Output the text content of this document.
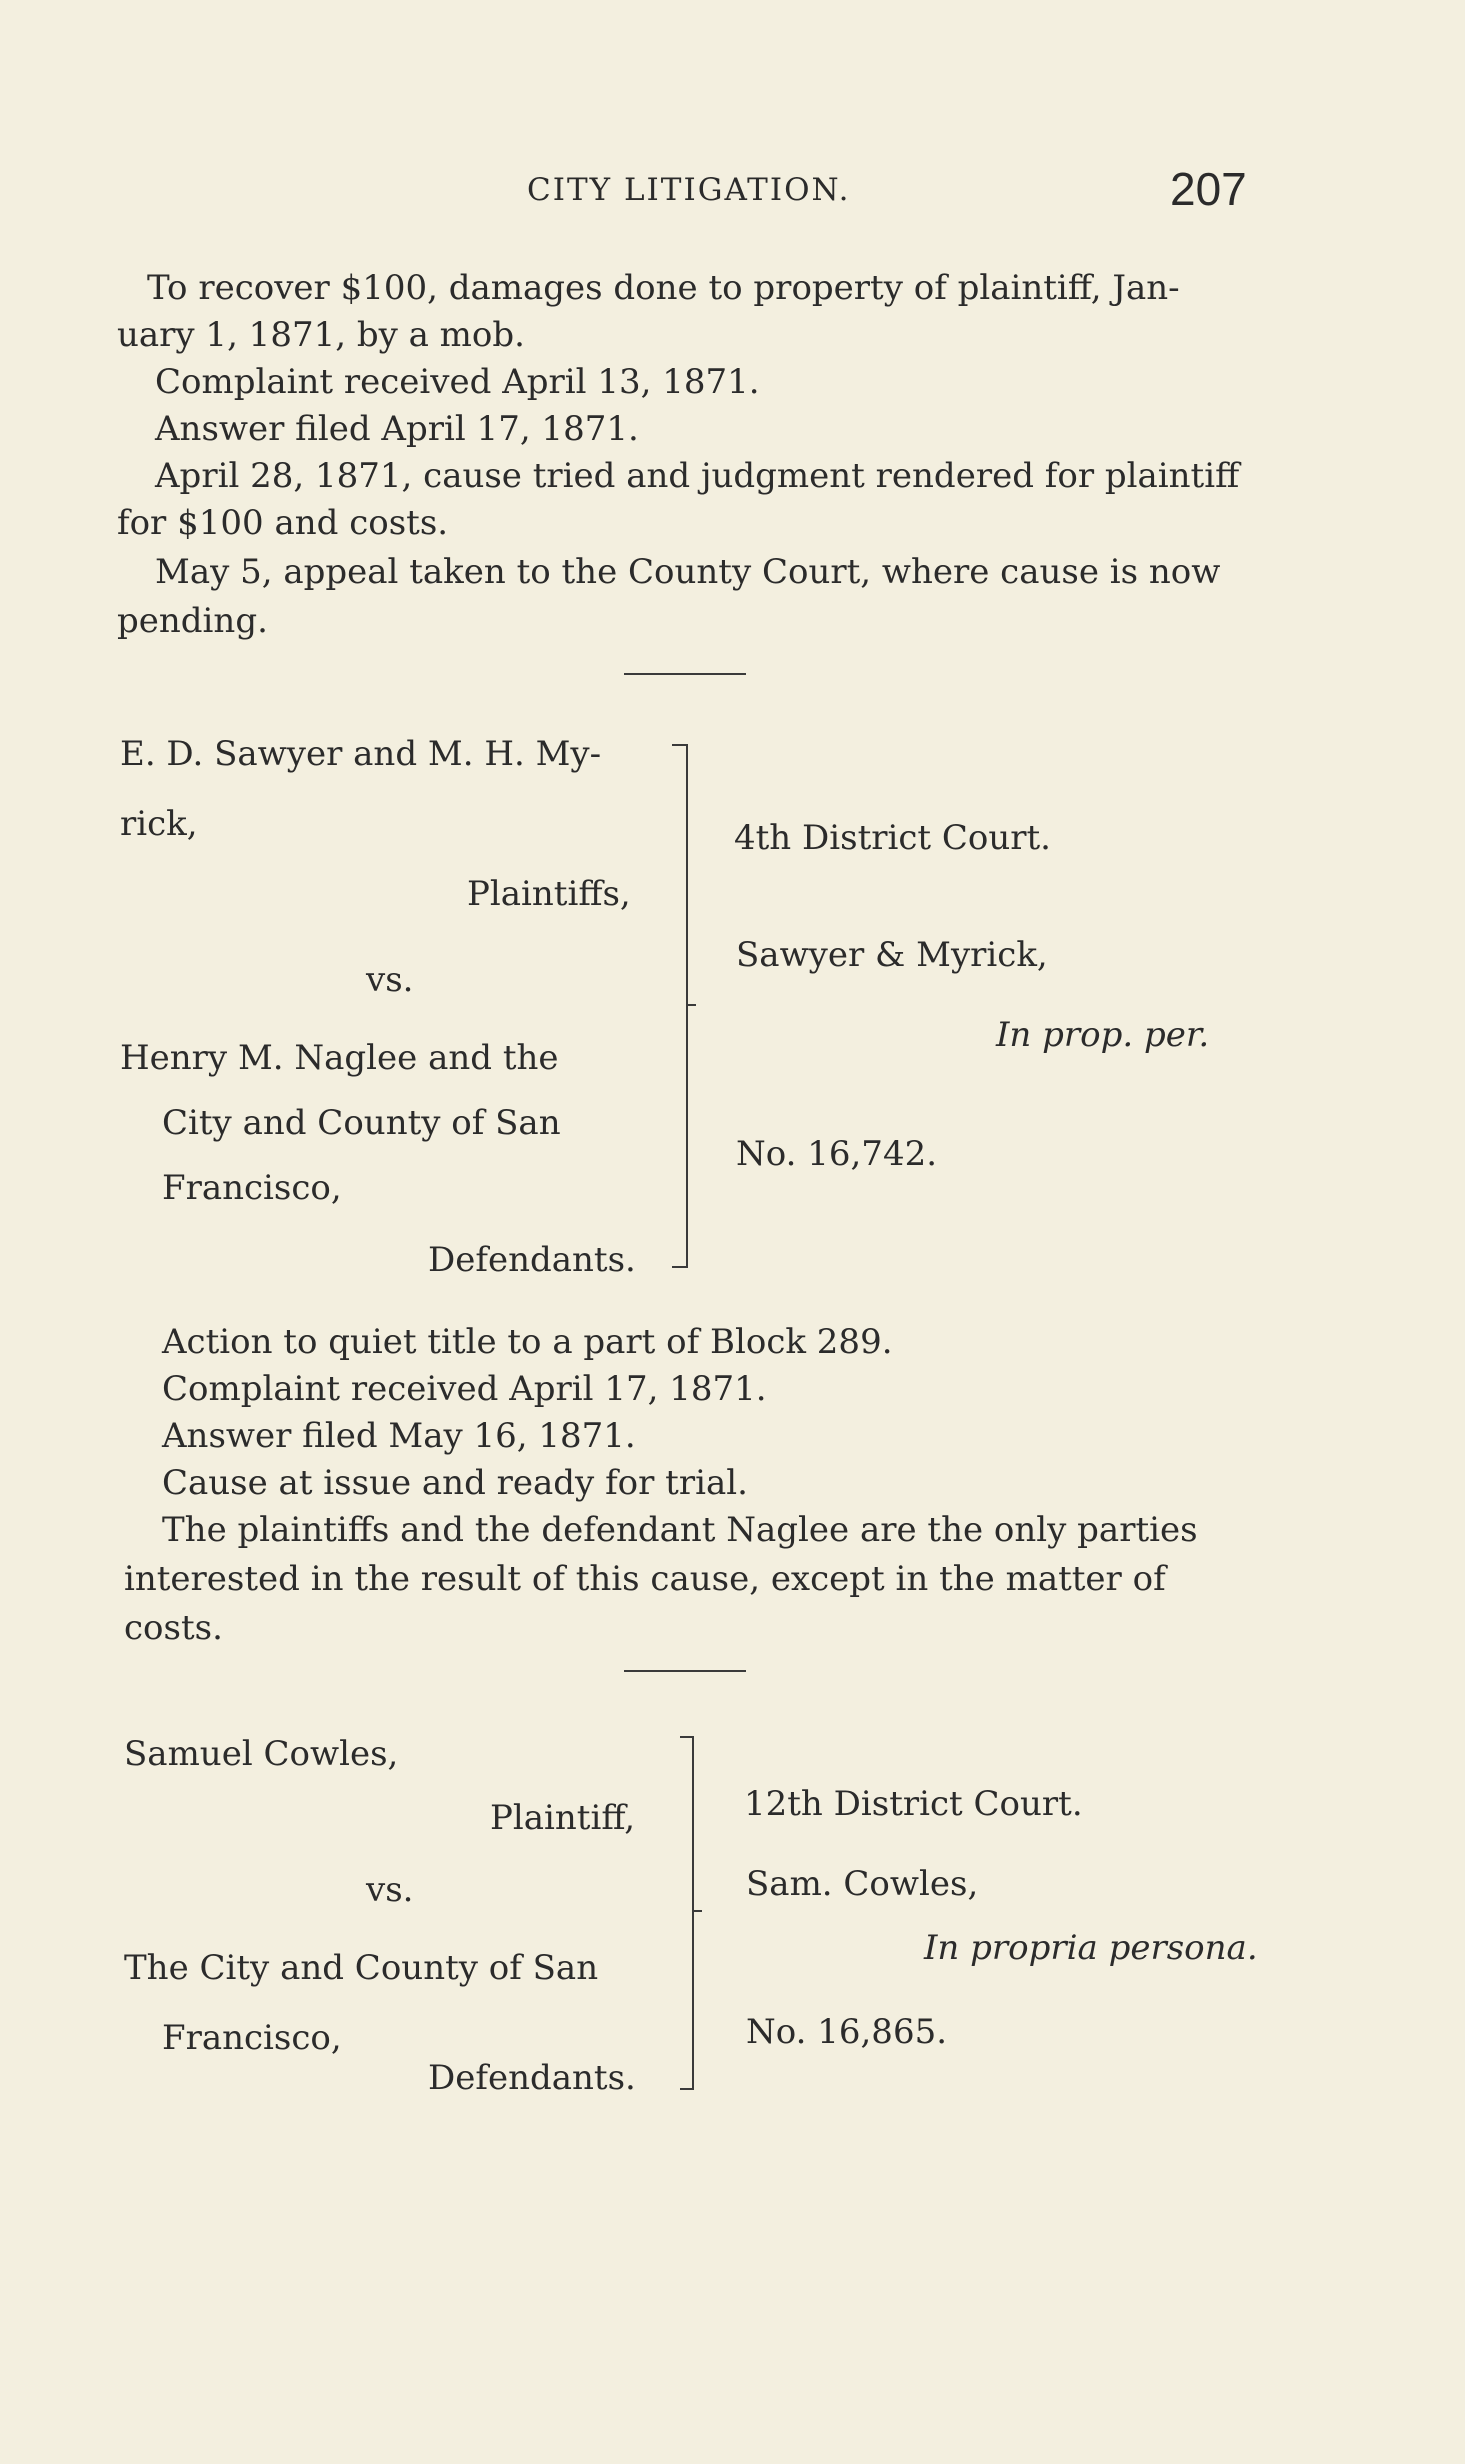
CITY LITIGATION.	207
To recover $100, damages done to property of plaintiff, Jan-
uary 1, 1871, by a mob.
Complaint received April 13, 1871.
Answer filed April 17, 1871.
April 28, 1871, cause tried and judgment rendered for plaintiff
for $100 and costs.
May 5, appeal taken to the County Court, where cause is now
pending.
E. D. Sawyer and M. H. My-
rick,
Plaintiffs,
vs.
Henry M. Naglee and the
City and County of San
Francisco,
Defendants.
4th District Court.
Sawyer & Myrick,
In prop. per.
No. 16,742.
Action to quiet title to a part of Block 289.
Complaint received April 17, 1871.
Answer filed May 16, 1871.
Cause at issue and ready for trial.
The plaintiffs and the defendant Naglee are the only parties
interested in the result of this cause, except in the matter of
costs.
Samuel Cowles,
Plaintiff,
vs.
The City and County of San
Francisco,
Defendants.
12th District Court.
Sam. Cowles,
In propria persona.
No. 16,865.
